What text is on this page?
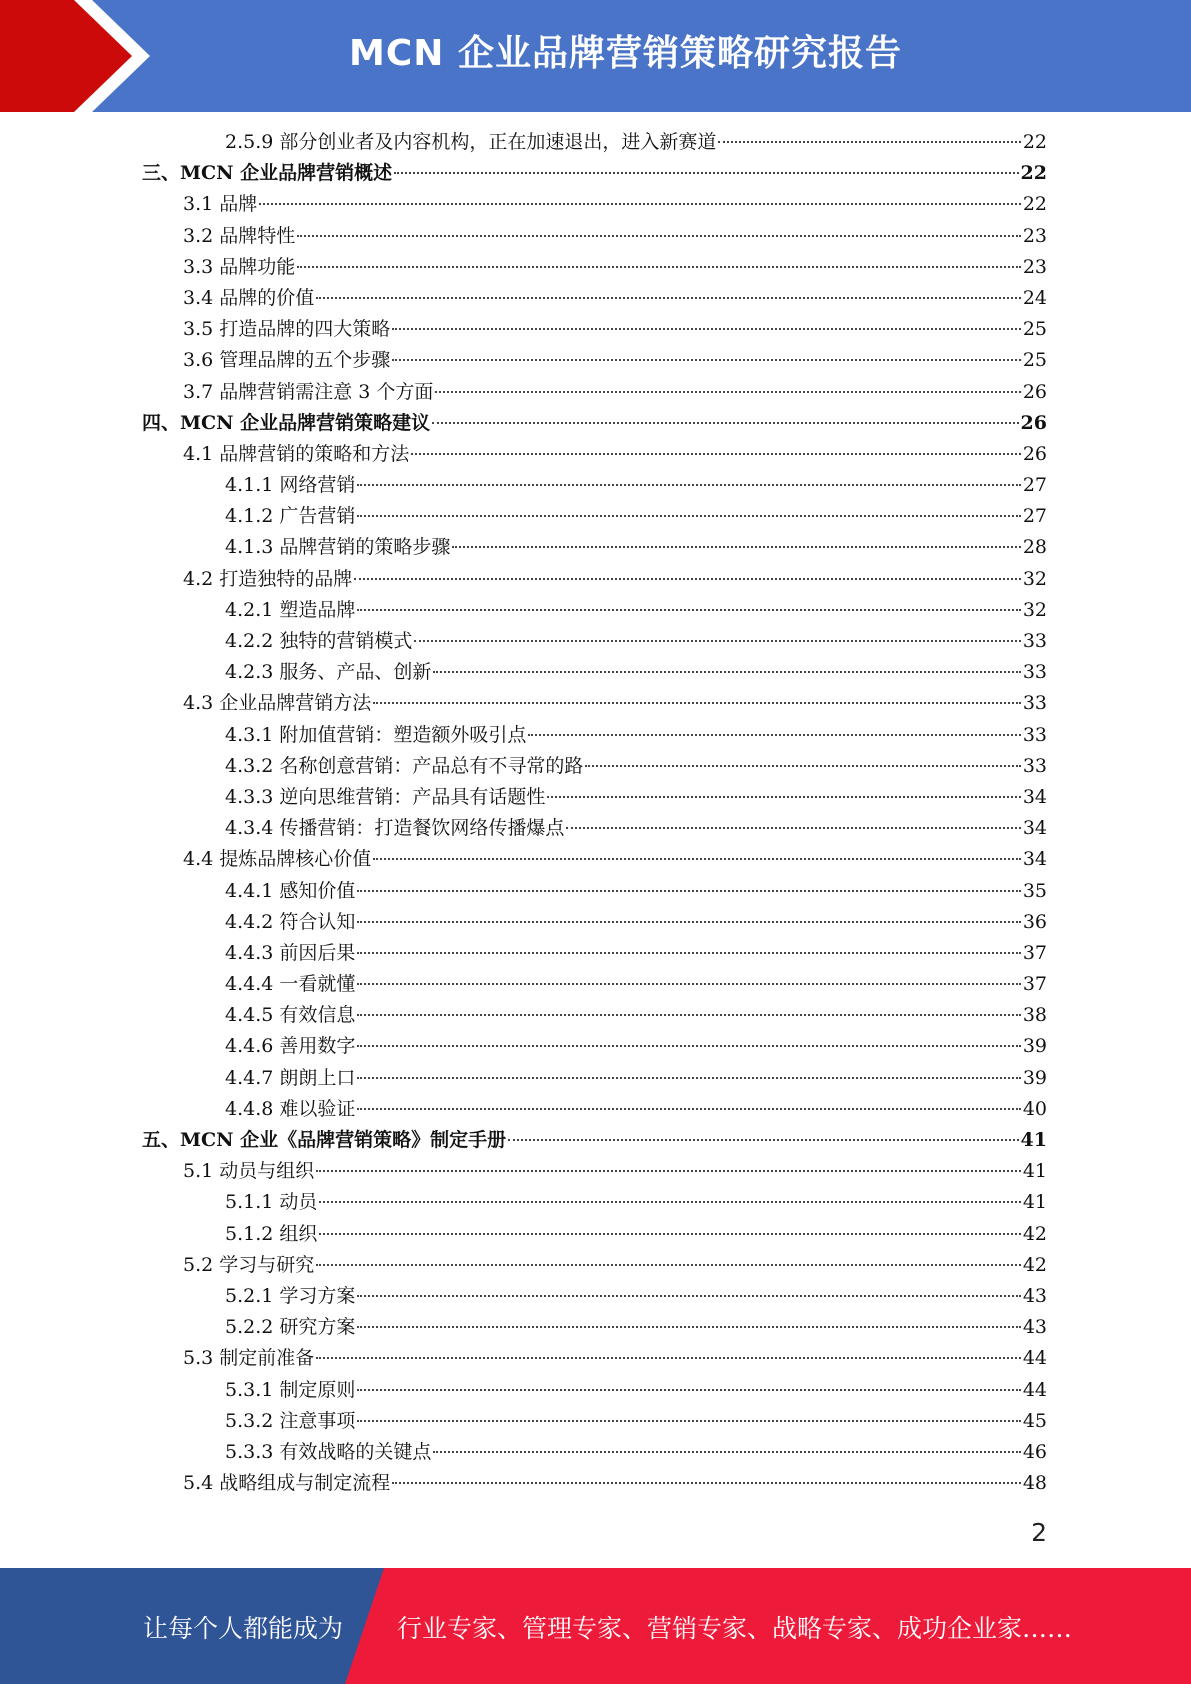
MCN 企业品牌营销策略研究报告
2.5.9 部分创业者及内容机构，正在加速退出，进入新赛道	22
三、MCN 企业品牌营销概述	22
3.1 品牌	22
3.2 品牌特性	23
3.3 品牌功能	23
3.4 品牌的价值	24
3.5 打造品牌的四大策略	25
3.6 管理品牌的五个步骤	25
3.7 品牌营销需注意 3 个方面	26
四、MCN 企业品牌营销策略建议	26
4.1 品牌营销的策略和方法	26
4.1.1 网络营销	27
4.1.2 广告营销	27
4.1.3 品牌营销的策略步骤	28
4.2 打造独特的品牌	32
4.2.1 塑造品牌	32
4.2.2 独特的营销模式	33
4.2.3 服务、产品、创新	33
4.3 企业品牌营销方法	33
4.3.1 附加值营销：塑造额外吸引点	33
4.3.2 名称创意营销：产品总有不寻常的路	33
4.3.3 逆向思维营销：产品具有话题性	34
4.3.4 传播营销：打造餐饮网络传播爆点	34
4.4 提炼品牌核心价值	34
4.4.1 感知价值	35
4.4.2 符合认知	36
4.4.3 前因后果	37
4.4.4 一看就懂	37
4.4.5 有效信息	38
4.4.6 善用数字	39
4.4.7 朗朗上口	39
4.4.8 难以验证	40
五、MCN 企业《品牌营销策略》制定手册	41
5.1 动员与组织	41
5.1.1 动员	41
5.1.2 组织	42
5.2 学习与研究	42
5.2.1 学习方案	43
5.2.2 研究方案	43
5.3 制定前准备	44
5.3.1 制定原则	44
5.3.2 注意事项	45
5.3.3 有效战略的关键点	46
5.4 战略组成与制定流程	48
2
让每个人都能成为 行业专家、管理专家、营销专家、战略专家、成功企业家……
